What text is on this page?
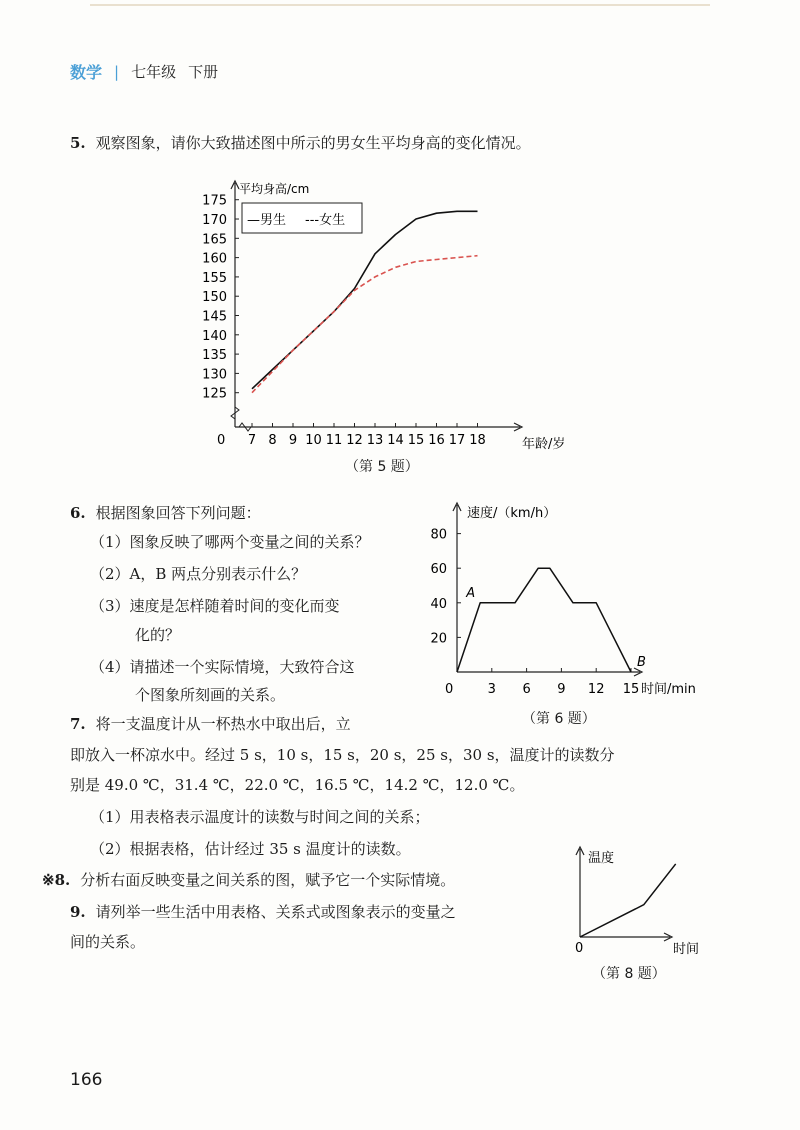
数学 | 七年级 下册
5. 观察图象，请你大致描述图中所示的男女生平均身高的变化情况。
平均身高/cm
年龄/岁
0
125
130
135
140
145
150
155
160
165
170
175
7 8 9 10 11 12 13 14 15 16 17 18
—男生 ---女生
（第 5 题）
6. 根据图象回答下列问题：
（1）图象反映了哪两个变量之间的关系？
（2）A，B 两点分别表示什么？
（3）速度是怎样随着时间的变化而变
化的？
（4）请描述一个实际情境，大致符合这
个图象所刻画的关系。
速度/（km/h）
时间/min
0
20
40
60
80
3 6 9 12 15
A
B
（第 6 题）
7. 将一支温度计从一杯热水中取出后，立
即放入一杯凉水中。经过 5 s，10 s，15 s，20 s，25 s，30 s，温度计的读数分
别是 49.0 ℃，31.4 ℃，22.0 ℃，16.5 ℃，14.2 ℃，12.0 ℃。
（1）用表格表示温度计的读数与时间之间的关系；
（2）根据表格，估计经过 35 s 温度计的读数。
※8. 分析右面反映变量之间关系的图，赋予它一个实际情境。
9. 请列举一些生活中用表格、关系式或图象表示的变量之
间的关系。
温度
时间
0
（第 8 题）
166
